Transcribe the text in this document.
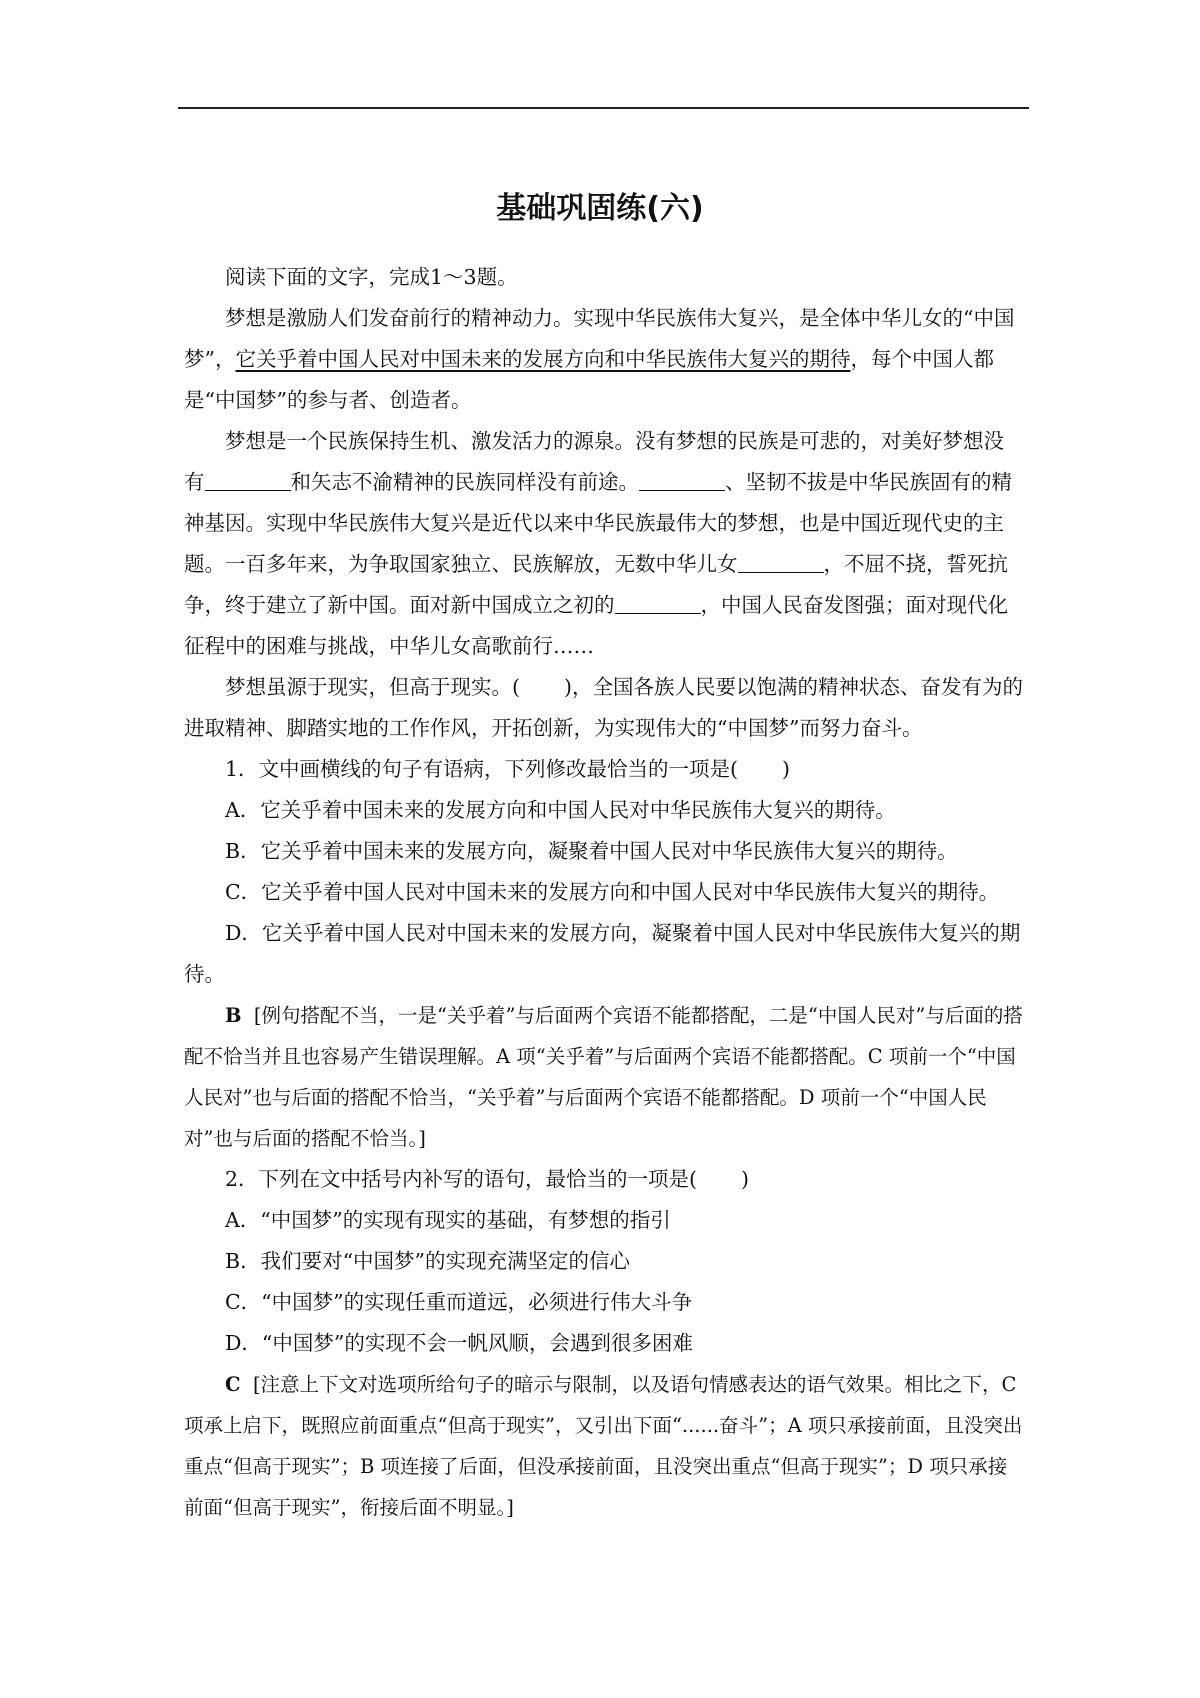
基础巩固练(六)

阅读下面的文字，完成1～3题。

梦想是激励人们发奋前行的精神动力。实现中华民族伟大复兴，是全体中华儿女的“中国梦”，它关乎着中国人民对中国未来的发展方向和中华民族伟大复兴的期待，每个中国人都是“中国梦”的参与者、创造者。

梦想是一个民族保持生机、激发活力的源泉。没有梦想的民族是可悲的，对美好梦想没有	和矢志不渝精神的民族同样没有前途。	、坚韧不拔是中华民族固有的精神基因。实现中华民族伟大复兴是近代以来中华民族最伟大的梦想，也是中国近现代史的主题。一百多年来，为争取国家独立、民族解放，无数中华儿女	，不屈不挠，誓死抗争，终于建立了新中国。面对新中国成立之初的	，中国人民奋发图强；面对现代化征程中的困难与挑战，中华儿女高歌前行……

梦想虽源于现实，但高于现实。( )，全国各族人民要以饱满的精神状态、奋发有为的进取精神、脚踏实地的工作作风，开拓创新，为实现伟大的“中国梦”而努力奋斗。

1．文中画横线的句子有语病，下列修改最恰当的一项是( )

A．它关乎着中国未来的发展方向和中国人民对中华民族伟大复兴的期待。

B．它关乎着中国未来的发展方向，凝聚着中国人民对中华民族伟大复兴的期待。

C．它关乎着中国人民对中国未来的发展方向和中国人民对中华民族伟大复兴的期待。

D．它关乎着中国人民对中国未来的发展方向，凝聚着中国人民对中华民族伟大复兴的期待。

B [例句搭配不当，一是“关乎着”与后面两个宾语不能都搭配，二是“中国人民对”与后面的搭配不恰当并且也容易产生错误理解。A 项“关乎着”与后面两个宾语不能都搭配。C 项前一个“中国人民对”也与后面的搭配不恰当，“关乎着”与后面两个宾语不能都搭配。D 项前一个“中国人民对”也与后面的搭配不恰当。]

2．下列在文中括号内补写的语句，最恰当的一项是( )

A．“中国梦”的实现有现实的基础，有梦想的指引

B．我们要对“中国梦”的实现充满坚定的信心

C．“中国梦”的实现任重而道远，必须进行伟大斗争

D．“中国梦”的实现不会一帆风顺，会遇到很多困难

C [注意上下文对选项所给句子的暗示与限制，以及语句情感表达的语气效果。相比之下，C 项承上启下，既照应前面重点“但高于现实”，又引出下面“......奋斗”；A 项只承接前面，且没突出重点“但高于现实”；B 项连接了后面，但没承接前面，且没突出重点“但高于现实”；D 项只承接前面“但高于现实”，衔接后面不明显。]
